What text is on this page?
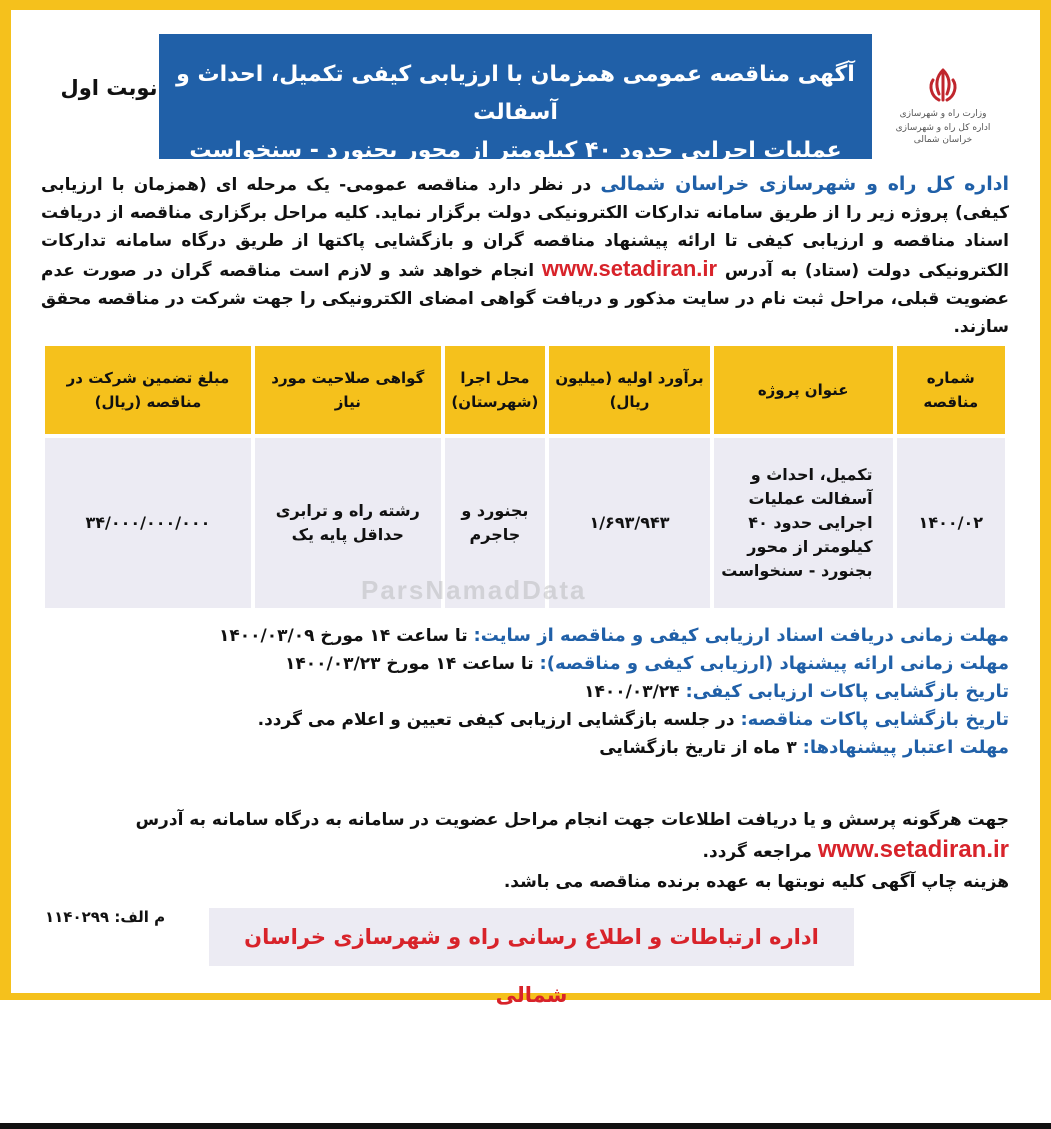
نوبت اول
آگهی مناقصه عمومی همزمان با ارزیابی کیفی تکمیل، احداث و آسفالت
عملیات اجرایی حدود ۴۰ کیلومتر از محور بجنورد - سنخواست
وزارت راه و شهرسازی
اداره کل راه و شهرسازی خراسان شمالی
اداره کل راه و شهرسازی خراسان شمالی در نظر دارد مناقصه عمومی- یک مرحله ای (همزمان با ارزیابی کیفی) پروژه زیر را از طریق سامانه تدارکات الکترونیکی دولت برگزار نماید. کلیه مراحل برگزاری مناقصه از دریافت اسناد مناقصه و ارزیابی کیفی تا ارائه پیشنهاد مناقصه گران و بازگشایی پاکتها از طریق درگاه سامانه تدارکات الکترونیکی دولت (ستاد) به آدرس www.setadiran.ir انجام خواهد شد و لازم است مناقصه گران در صورت عدم عضویت قبلی، مراحل ثبت نام در سایت مذکور و دریافت گواهی امضای الکترونیکی را جهت شرکت در مناقصه محقق سازند.
شماره مناقصه	عنوان پروژه	برآورد اولیه (میلیون ریال)	محل اجرا (شهرستان)	گواهی صلاحیت مورد نیاز	مبلغ تضمین شرکت در مناقصه (ریال)
۱۴۰۰/۰۲	تکمیل، احداث و آسفالت عملیات اجرایی حدود ۴۰ کیلومتر از محور بجنورد - سنخواست	۱/۶۹۳/۹۴۳	بجنورد و جاجرم	رشته راه و ترابری حداقل پایه یک	۳۴/۰۰۰/۰۰۰/۰۰۰
ParsNamadData
مهلت زمانی دریافت اسناد ارزیابی کیفی و مناقصه از سایت: تا ساعت ۱۴ مورخ ۱۴۰۰/۰۳/۰۹
مهلت زمانی ارائه پیشنهاد (ارزیابی کیفی و مناقصه): تا ساعت ۱۴ مورخ ۱۴۰۰/۰۳/۲۳
تاریخ بازگشایی پاکات ارزیابی کیفی: ۱۴۰۰/۰۳/۲۴
تاریخ بازگشایی پاکات مناقصه: در جلسه بازگشایی ارزیابی کیفی تعیین و اعلام می گردد.
مهلت اعتبار پیشنهادها: ۳ ماه از تاریخ بازگشایی
جهت هرگونه پرسش و یا دریافت اطلاعات جهت انجام مراحل عضویت در سامانه به درگاه سامانه به آدرس
www.setadiran.ir مراجعه گردد.
هزینه چاپ آگهی کلیه نوبتها به عهده برنده مناقصه می باشد.
م الف: ۱۱۴۰۲۹۹
اداره ارتباطات و اطلاع رسانی راه و شهرسازی خراسان شمالی
